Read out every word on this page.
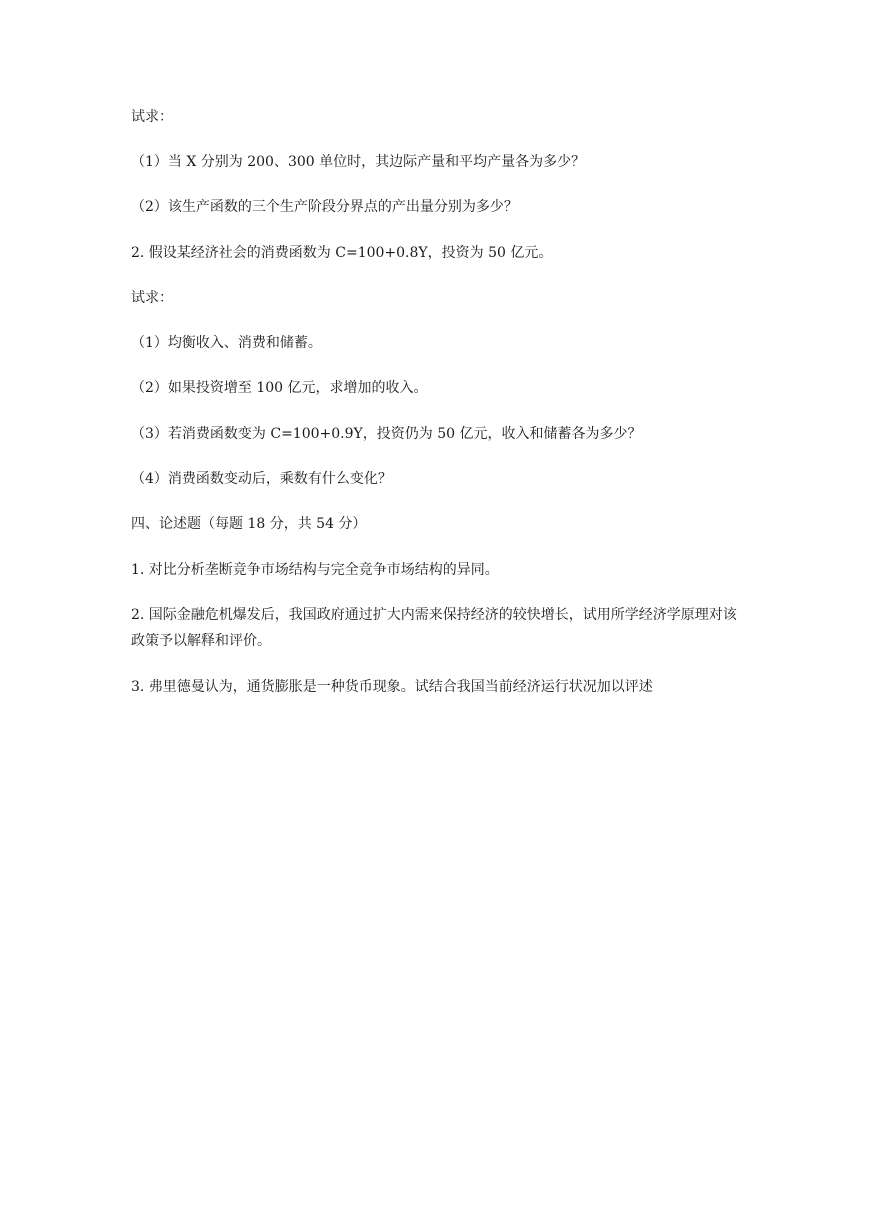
试求：

（1）当 X 分别为 200、300 单位时，其边际产量和平均产量各为多少？

（2）该生产函数的三个生产阶段分界点的产出量分别为多少？

2. 假设某经济社会的消费函数为 C=100+0.8Y，投资为 50 亿元。

试求：

（1）均衡收入、消费和储蓄。

（2）如果投资增至 100 亿元，求增加的收入。

（3）若消费函数变为 C=100+0.9Y，投资仍为 50 亿元，收入和储蓄各为多少？

（4）消费函数变动后，乘数有什么变化？

四、论述题（每题 18 分，共 54 分）

1. 对比分析垄断竞争市场结构与完全竞争市场结构的异同。

2. 国际金融危机爆发后，我国政府通过扩大内需来保持经济的较快增长，试用所学经济学原理对该政策予以解释和评价。

3. 弗里德曼认为，通货膨胀是一种货币现象。试结合我国当前经济运行状况加以评述
